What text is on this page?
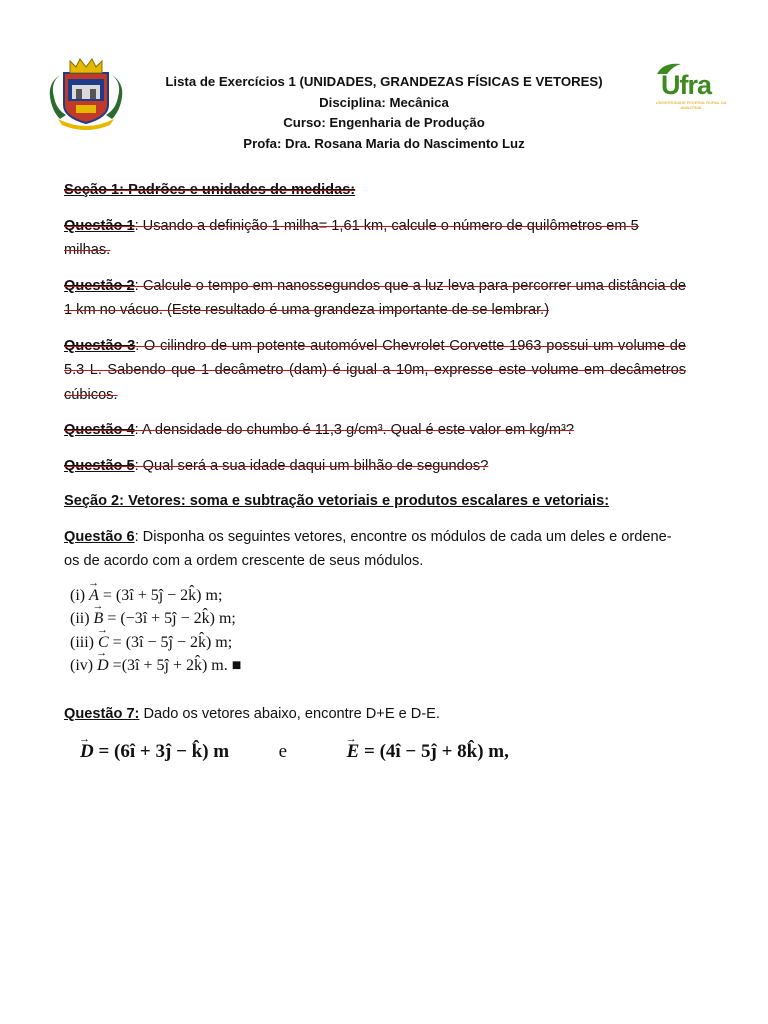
Ufra
UNIVERSIDADE FEDERAL RURAL DA AMAZÔNIA
Lista de Exercícios 1 (UNIDADES, GRANDEZAS FÍSICAS E VETORES)
Disciplina: Mecânica
Curso: Engenharia de Produção
Profa: Dra. Rosana Maria do Nascimento Luz

Seção 1: Padrões e unidades de medidas:

Questão 1: Usando a definição 1 milha= 1,61 km, calcule o número de quilômetros em 5 milhas.

Questão 2: Calcule o tempo em nanossegundos que a luz leva para percorrer uma distância de 1 km no vácuo. (Este resultado é uma grandeza importante de se lembrar.)

Questão 3: O cilindro de um potente automóvel Chevrolet Corvette 1963 possui um volume de 5.3 L. Sabendo que 1 decâmetro (dam) é igual a 10m, expresse este volume em decâmetros cúbicos.

Questão 4: A densidade do chumbo é 11,3 g/cm³. Qual é este valor em kg/m³?

Questão 5: Qual será a sua idade daqui um bilhão de segundos?

Seção 2: Vetores: soma e subtração vetoriais e produtos escalares e vetoriais:

Questão 6: Disponha os seguintes vetores, encontre os módulos de cada um deles e ordene-os de acordo com a ordem crescente de seus módulos.

(i) → A = (3î + 5ĵ − 2k̂) m;
(ii) → B = (−3î + 5ĵ − 2k̂) m;
(iii) → C = (3î − 5ĵ − 2k̂) m;
(iv) → D =(3î + 5ĵ + 2k̂) m. ■

Questão 7: Dado os vetores abaixo, encontre D+E e D-E.

→ D = (6î + 3ĵ − k̂) m	e  →	E = (4î − 5ĵ + 8k̂) m,
